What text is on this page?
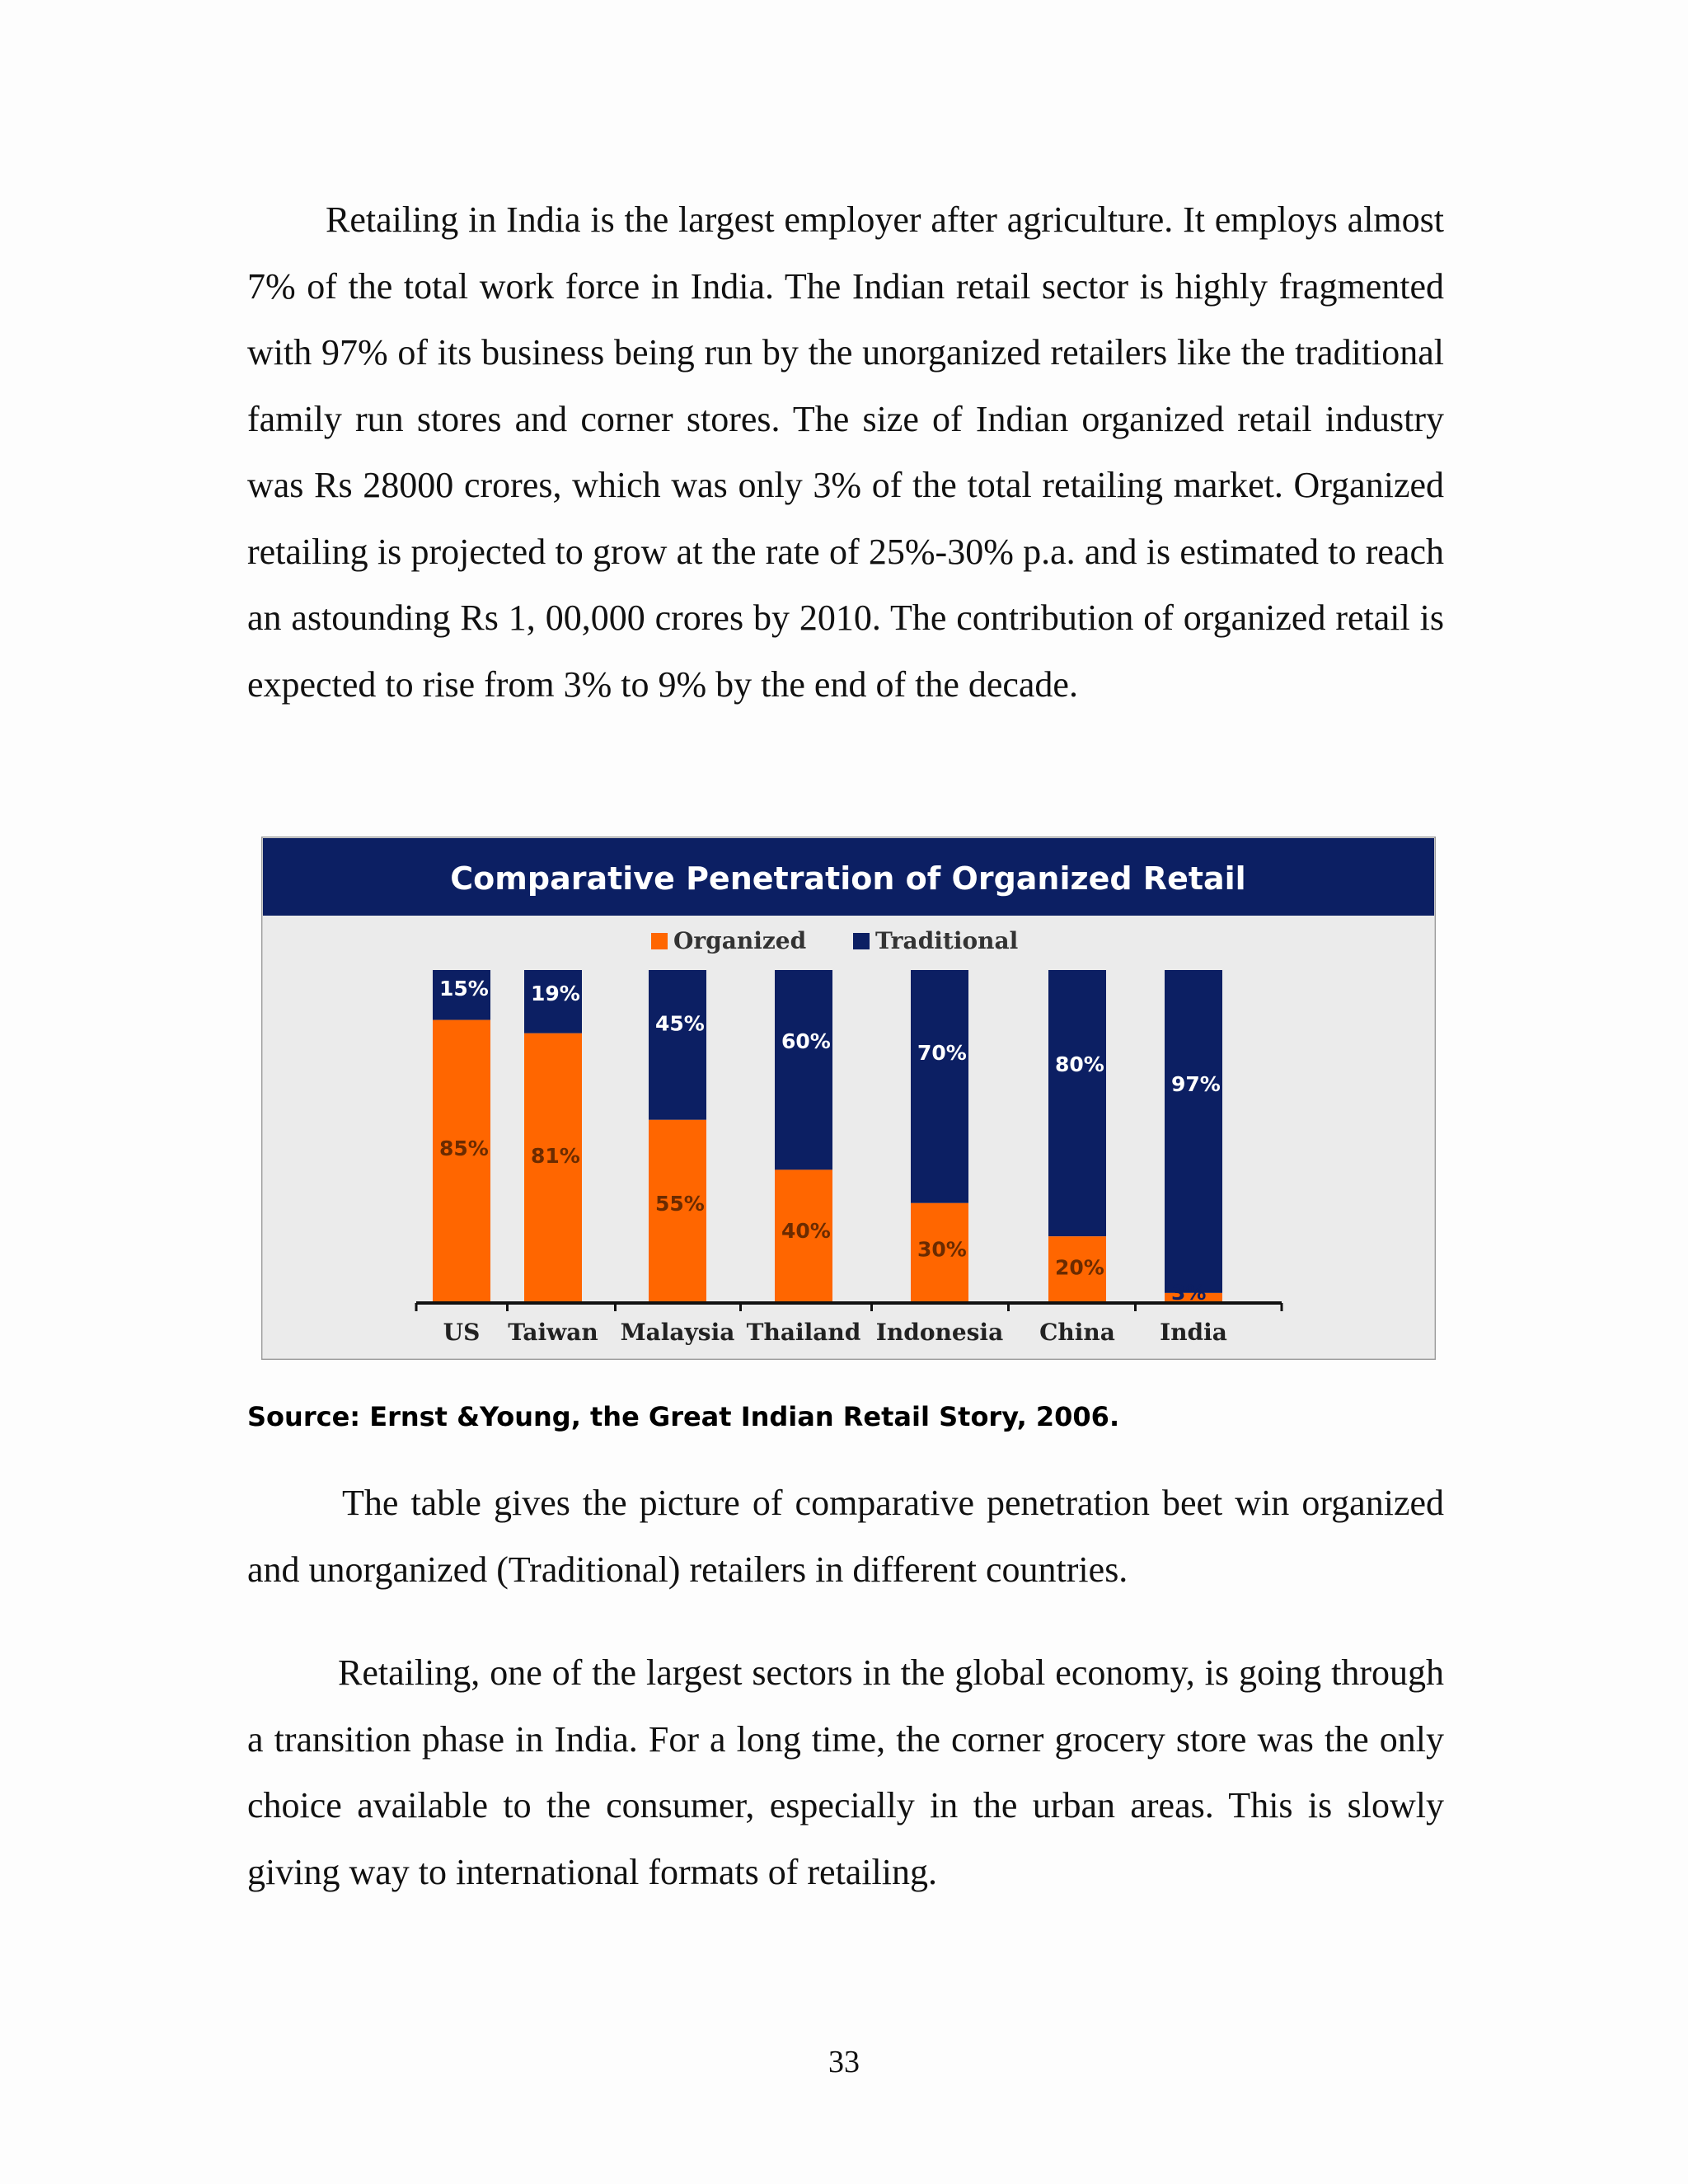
Retailing in India is the largest employer after agriculture. It employs almost 7% of the total work force in India. The Indian retail sector is highly fragmented with 97% of its business being run by the unorganized retailers like the traditional family run stores and corner stores. The size of Indian organized retail industry was Rs 28000 crores, which was only 3% of the total retailing market. Organized retailing is projected to grow at the rate of 25%-30% p.a. and is estimated to reach an astounding Rs 1, 00,000 crores by 2010. The contribution of organized retail is expected to rise from 3% to 9% by the end of the decade.

Comparative Penetration of Organized Retail
Organized	Traditional
15%
85%
19%
81%
45%
55%
60%
40%
70%
30%
80%
20%
97%
3%
US Taiwan Malaysia Thailand Indonesia China India

Source: Ernst &Young, the Great Indian Retail Story, 2006.

The table gives the picture of comparative penetration beet win organized and unorganized (Traditional) retailers in different countries.

Retailing, one of the largest sectors in the global economy, is going through a transition phase in India. For a long time, the corner grocery store was the only choice available to the consumer, especially in the urban areas. This is slowly giving way to international formats of retailing.

33
